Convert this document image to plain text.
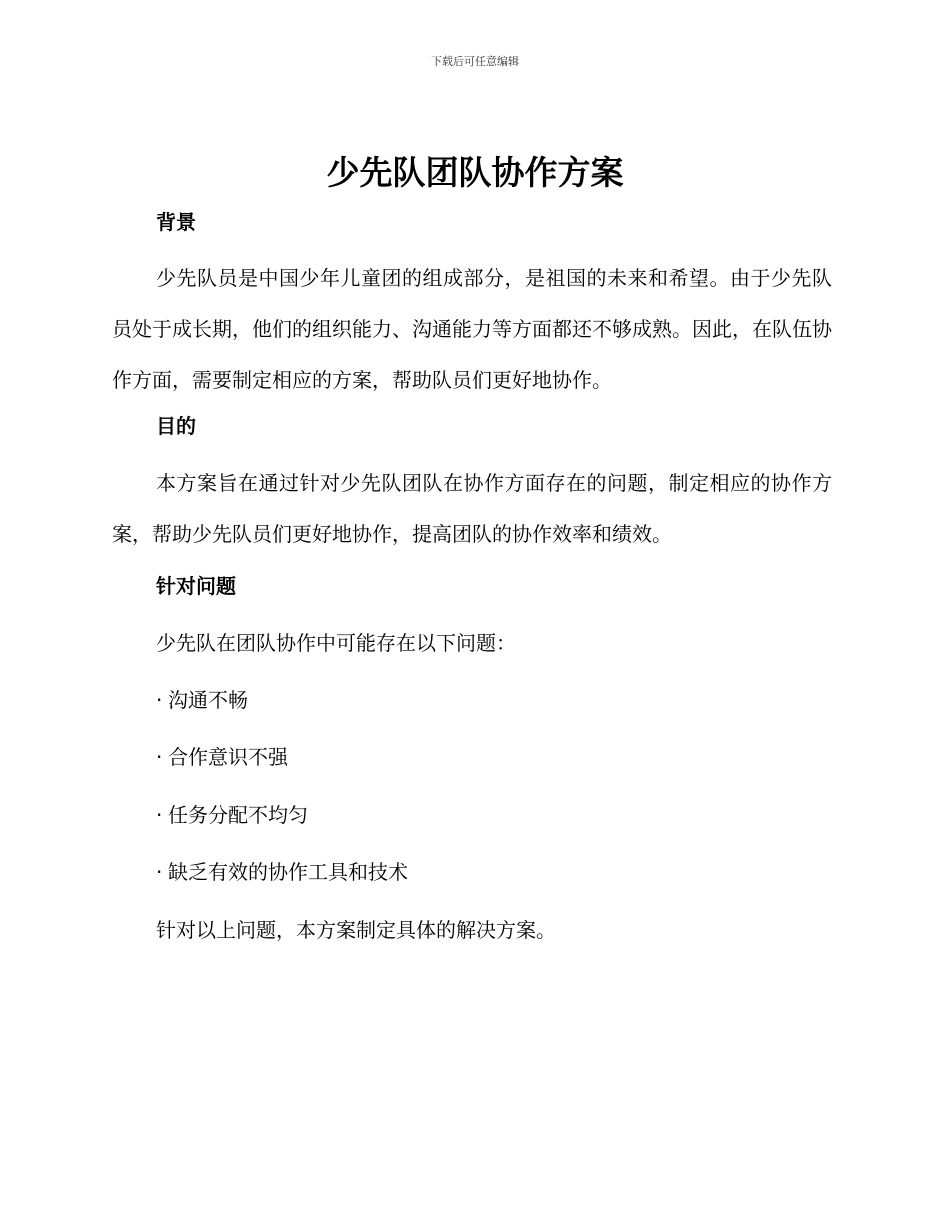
下载后可任意编辑
少先队团队协作方案
背景

少先队员是中国少年儿童团的组成部分，是祖国的未来和希望。由于少先队员处于成长期，他们的组织能力、沟通能力等方面都还不够成熟。因此，在队伍协作方面，需要制定相应的方案，帮助队员们更好地协作。

目的

本方案旨在通过针对少先队团队在协作方面存在的问题，制定相应的协作方案，帮助少先队员们更好地协作，提高团队的协作效率和绩效。

针对问题

少先队在团队协作中可能存在以下问题：

· 沟通不畅

· 合作意识不强

· 任务分配不均匀

· 缺乏有效的协作工具和技术

针对以上问题，本方案制定具体的解决方案。
